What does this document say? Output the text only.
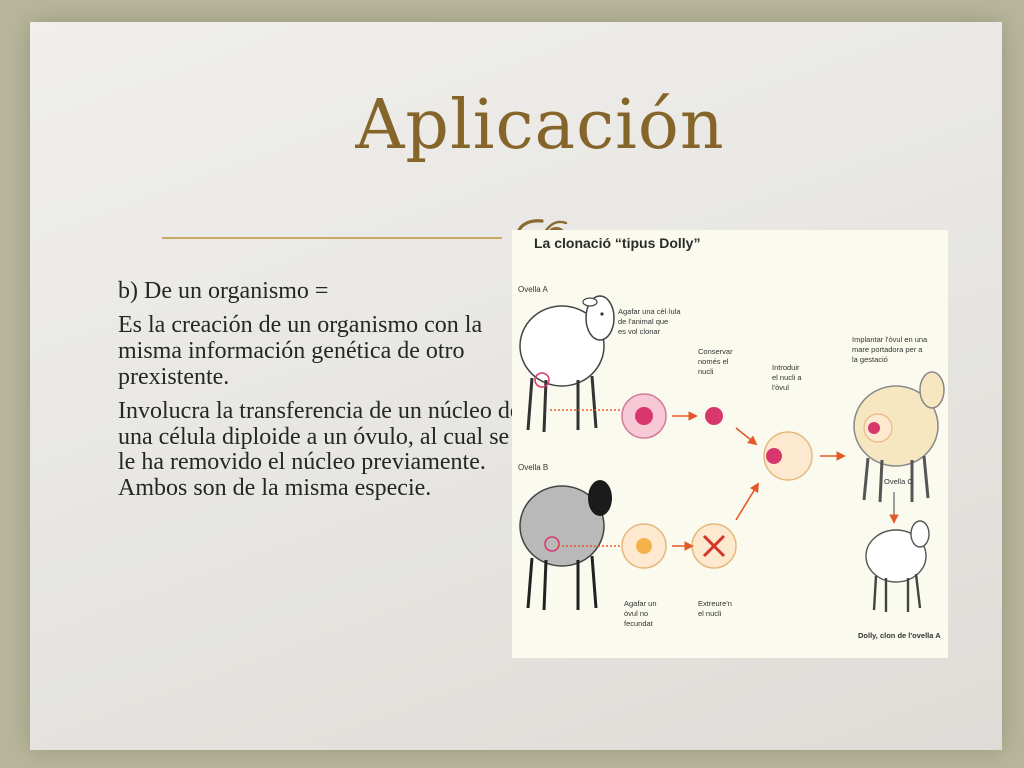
Aplicación

b) De un organismo =

Es la creación de un organismo con la misma información genética de otro prexistente.

Involucra la transferencia de un núcleo de una célula diploide a un óvulo, al cual se le ha removido el núcleo previamente. Ambos son de la misma especie.

La clonació “tipus Dolly”
Ovella A
Ovella B
Agafar una cèl·lula
de l'animal que
es vol clonar
Conservar
només el
nucli	Introduir
el nucli a
l'òvul
Implantar l'òvul en una
mare portadora per a
la gestació
Agafar un
òvul no
fecundat
Extreure'n
el nucli
Ovella C
Dolly, clon de l'ovella A
